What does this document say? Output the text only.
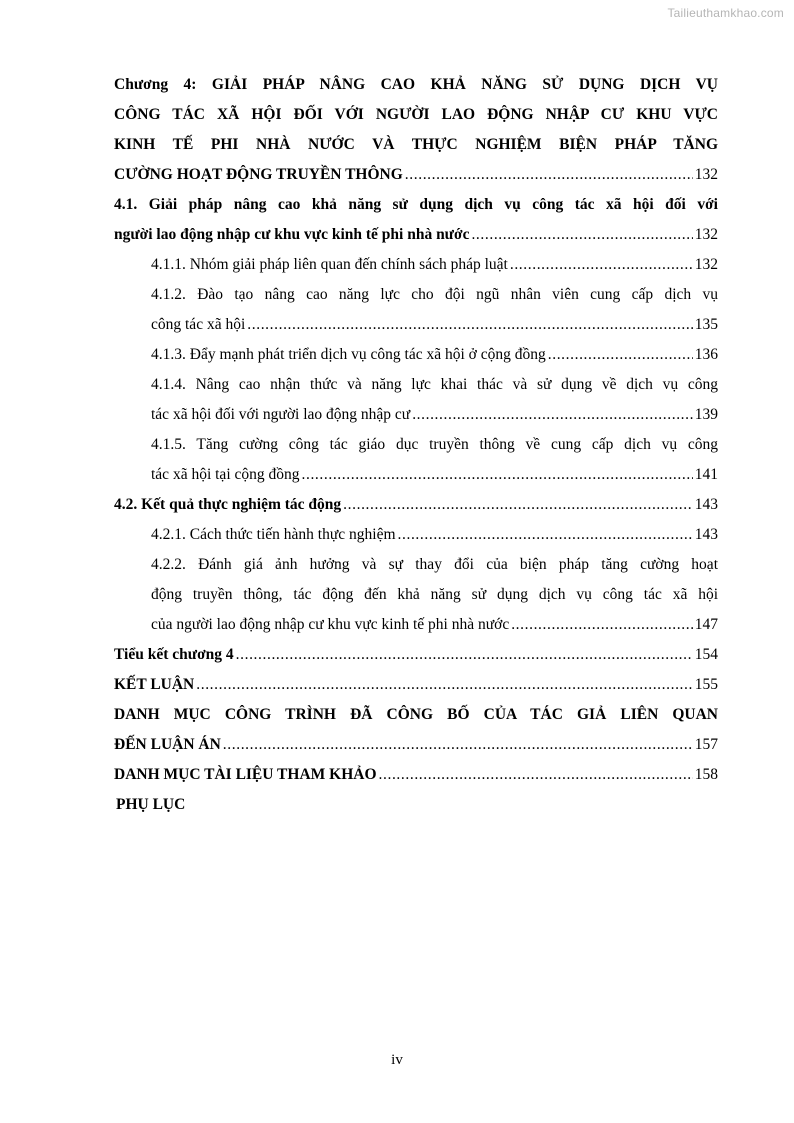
Tailieuthamkhao.com
Chương 4: GIẢI PHÁP NÂNG CAO KHẢ NĂNG SỬ DỤNG DỊCH VỤ
CÔNG TÁC XÃ HỘI ĐỐI VỚI NGƯỜI LAO ĐỘNG NHẬP CƯ KHU VỰC
KINH TẾ PHI NHÀ NƯỚC VÀ THỰC NGHIỆM BIỆN PHÁP TĂNG
CƯỜNG HOẠT ĐỘNG TRUYỀN THÔNG .....	132
4.1. Giải pháp nâng cao khả năng sử dụng dịch vụ công tác xã hội đối với
người lao động nhập cư khu vực kinh tế phi nhà nước .....	132
4.1.1. Nhóm giải pháp liên quan đến chính sách pháp luật .....	132
4.1.2. Đào tạo nâng cao năng lực cho đội ngũ nhân viên cung cấp dịch vụ
công tác xã hội .....	135
4.1.3. Đẩy mạnh phát triển dịch vụ công tác xã hội ở cộng đồng .....	136
4.1.4. Nâng cao nhận thức và năng lực khai thác và sử dụng về dịch vụ công
tác xã hội đối với người lao động nhập cư .....	139
4.1.5. Tăng cường công tác giáo dục truyền thông về cung cấp dịch vụ công
tác xã hội tại cộng đồng .....	141
4.2. Kết quả thực nghiệm tác động .....	143
4.2.1. Cách thức tiến hành thực nghiệm .....	143
4.2.2. Đánh giá ảnh hưởng và sự thay đổi của biện pháp tăng cường hoạt
động truyền thông, tác động đến khả năng sử dụng dịch vụ công tác xã hội
của người lao động nhập cư khu vực kinh tế phi nhà nước .....	147
Tiểu kết chương 4 .....	154
KẾT LUẬN .....	155
DANH MỤC CÔNG TRÌNH ĐÃ CÔNG BỐ CỦA TÁC GIẢ LIÊN QUAN
ĐẾN LUẬN ÁN .....	157
DANH MỤC TÀI LIỆU THAM KHẢO .....	158
PHỤ LỤC
iv
